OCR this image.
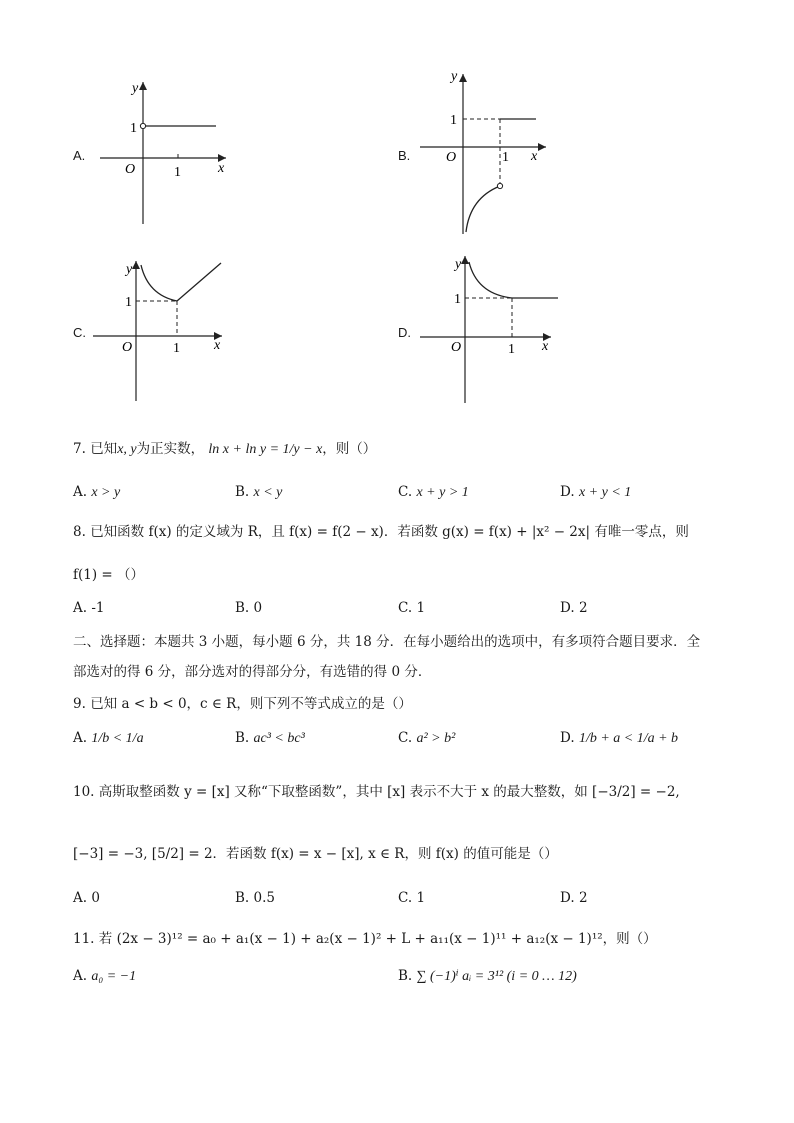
A.
y
x
O	1
1
B.
y
x
O	1
1
C.
y
x
O	1
1
D.
y
x
O	1
1
7. 已知x, y为正实数， ln x + ln y = 1/y − x，则（）
A. x > y	B. x < y	C. x + y > 1	D. x + y < 1
8. 已知函数 f(x) 的定义域为 R，且 f(x) = f(2 − x)．若函数 g(x) = f(x) + |x² − 2x| 有唯一零点，则
f(1) = （）
A. -1	B. 0	C. 1	D. 2
二、选择题：本题共 3 小题，每小题 6 分，共 18 分．在每小题给出的选项中，有多项符合题目要求．全
部选对的得 6 分，部分选对的得部分分，有选错的得 0 分．
9. 已知 a < b < 0，c ∈ R，则下列不等式成立的是（）
A. 1/b < 1/a	B. ac³ < bc³	C. a² > b²	D. 1/b + a < 1/a + b
10. 高斯取整函数 y = [x] 又称“下取整函数”，其中 [x] 表示不大于 x 的最大整数，如 [−3/2] = −2,
[−3] = −3, [5/2] = 2．若函数 f(x) = x − [x], x ∈ R，则 f(x) 的值可能是（）
A. 0	B. 0.5	C. 1	D. 2
11. 若 (2x − 3)¹² = a₀ + a₁(x − 1) + a₂(x − 1)² + L + a₁₁(x − 1)¹¹ + a₁₂(x − 1)¹²，则（）
A. a₀ = −1	B. ∑ (−1)ⁱ aᵢ = 3¹² (i = 0 … 12)
